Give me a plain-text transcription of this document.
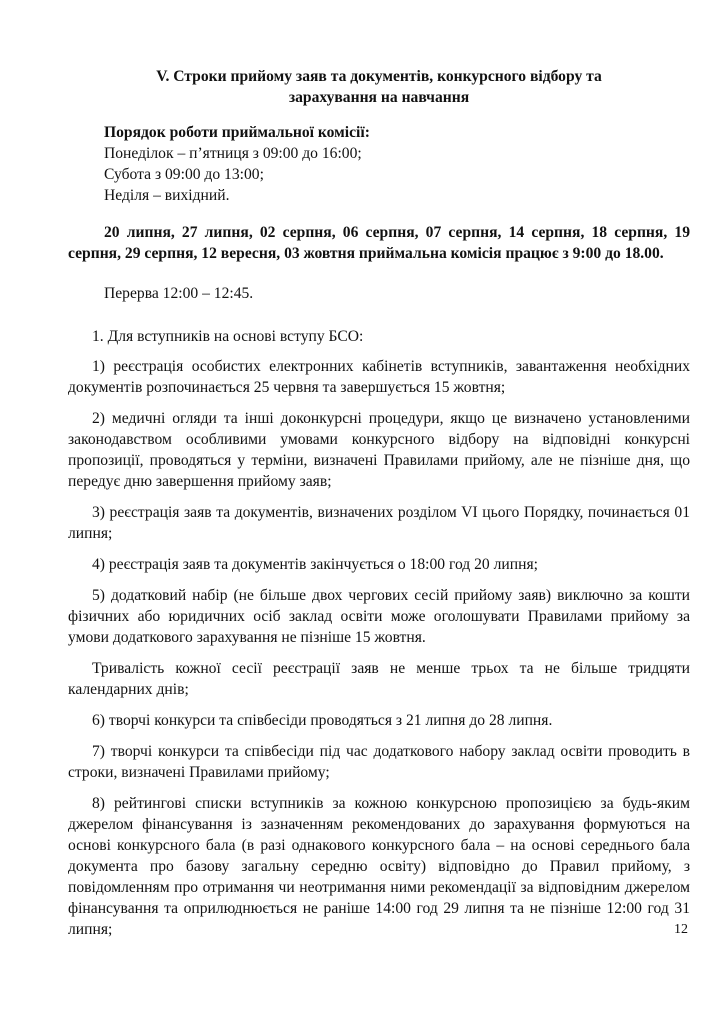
V. Строки прийому заяв та документів, конкурсного відбору та
зарахування на навчання

Порядок роботи приймальної комісії:
Понеділок – п’ятниця з 09:00 до 16:00;
Субота з 09:00 до 13:00;
Неділя – вихідний.

20 липня, 27 липня, 02 серпня, 06 серпня, 07 серпня, 14 серпня, 18 серпня, 19 серпня, 29 серпня, 12 вересня, 03 жовтня приймальна комісія працює з 9:00 до 18.00.

Перерва 12:00 – 12:45.

1. Для вступників на основі вступу БСО:

1) реєстрація особистих електронних кабінетів вступників, завантаження необхідних документів розпочинається 25 червня та завершується 15 жовтня;

2) медичні огляди та інші доконкурсні процедури, якщо це визначено установленими законодавством особливими умовами конкурсного відбору на відповідні конкурсні пропозиції, проводяться у терміни, визначені Правилами прийому, але не пізніше дня, що передує дню завершення прийому заяв;

3) реєстрація заяв та документів, визначених розділом VI цього Порядку, починається 01 липня;

4) реєстрація заяв та документів закінчується о 18:00 год 20 липня;

5) додатковий набір (не більше двох чергових сесій прийому заяв) виключно за кошти фізичних або юридичних осіб заклад освіти може оголошувати Правилами прийому за умови додаткового зарахування не пізніше 15 жовтня.

Тривалість кожної сесії реєстрації заяв не менше трьох та не більше тридцяти календарних днів;

6) творчі конкурси та співбесіди проводяться з 21 липня до 28 липня.

7) творчі конкурси та співбесіди під час додаткового набору заклад освіти проводить в строки, визначені Правилами прийому;

8) рейтингові списки вступників за кожною конкурсною пропозицією за будь-яким джерелом фінансування із зазначенням рекомендованих до зарахування формуються на основі конкурсного бала (в разі однакового конкурсного бала – на основі середнього бала документа про базову загальну середню освіту) відповідно до Правил прийому, з повідомленням про отримання чи неотримання ними рекомендації за відповідним джерелом фінансування та оприлюднюється не раніше 14:00 год 29 липня та не пізніше 12:00 год 31 липня;	12
